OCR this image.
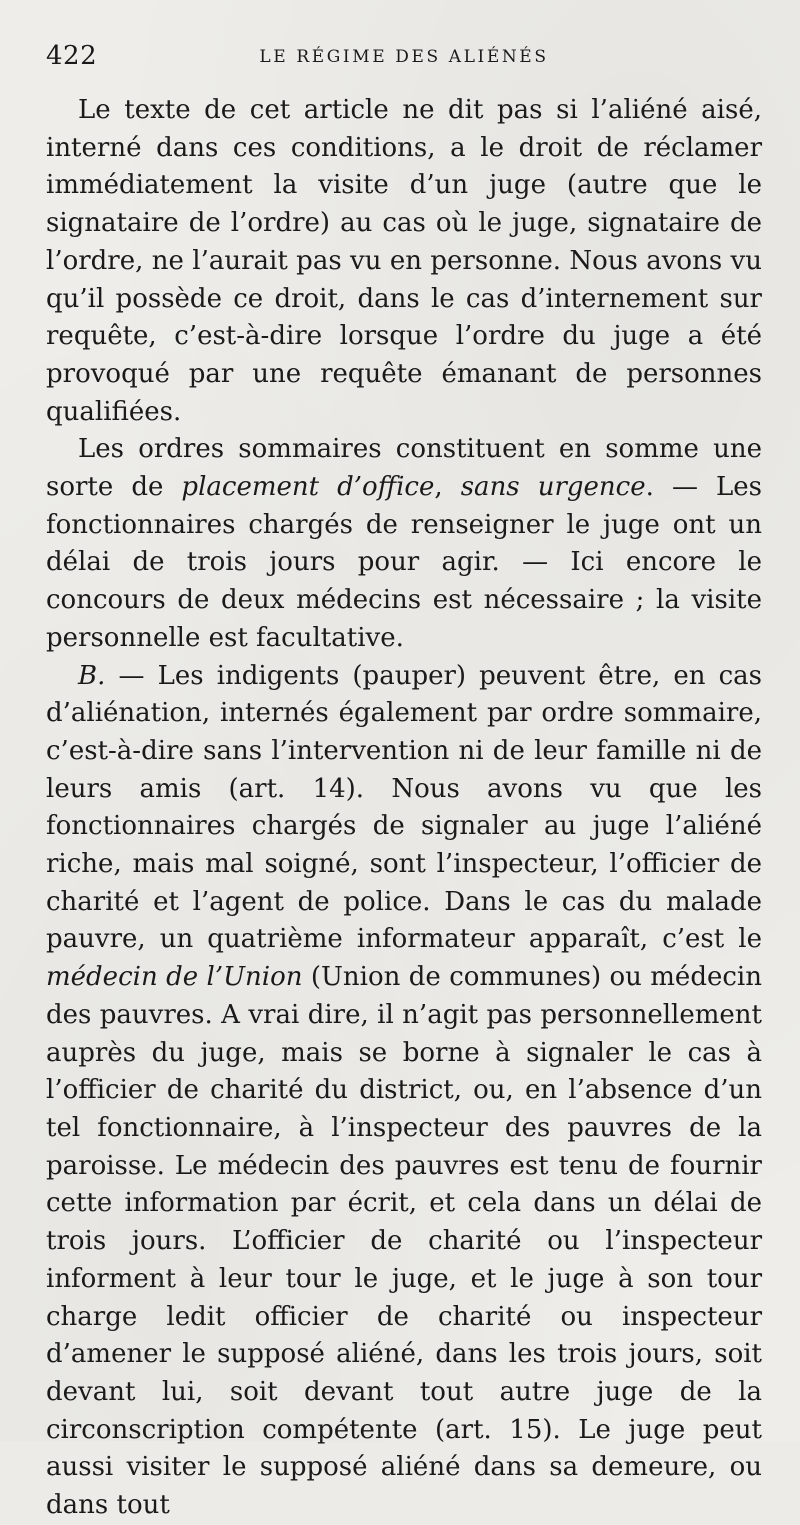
422	LE RÉGIME DES ALIÉNÉS

Le texte de cet article ne dit pas si l’aliéné aisé, interné dans ces conditions, a le droit de réclamer immédiatement la visite d’un juge (autre que le signataire de l’ordre) au cas où le juge, signataire de l’ordre, ne l’aurait pas vu en personne. Nous avons vu qu’il possède ce droit, dans le cas d’internement sur requête, c’est-à-dire lorsque l’ordre du juge a été provoqué par une requête émanant de personnes qualifiées.

Les ordres sommaires constituent en somme une sorte de placement d’office, sans urgence. — Les fonctionnaires chargés de renseigner le juge ont un délai de trois jours pour agir. — Ici encore le concours de deux médecins est nécessaire ; la visite personnelle est facultative.

B. — Les indigents (pauper) peuvent être, en cas d’aliénation, internés également par ordre sommaire, c’est-à-dire sans l’intervention ni de leur famille ni de leurs amis (art. 14). Nous avons vu que les fonctionnaires chargés de signaler au juge l’aliéné riche, mais mal soigné, sont l’inspecteur, l’officier de charité et l’agent de police. Dans le cas du malade pauvre, un quatrième informateur apparaît, c’est le médecin de l’Union (Union de communes) ou médecin des pauvres. A vrai dire, il n’agit pas personnellement auprès du juge, mais se borne à signaler le cas à l’officier de charité du district, ou, en l’absence d’un tel fonctionnaire, à l’inspecteur des pauvres de la paroisse. Le médecin des pauvres est tenu de fournir cette information par écrit, et cela dans un délai de trois jours. L’officier de charité ou l’inspecteur informent à leur tour le juge, et le juge à son tour charge ledit officier de charité ou inspecteur d’amener le supposé aliéné, dans les trois jours, soit devant lui, soit devant tout autre juge de la circonscription compétente (art. 15). Le juge peut aussi visiter le supposé aliéné dans sa demeure, ou dans tout
